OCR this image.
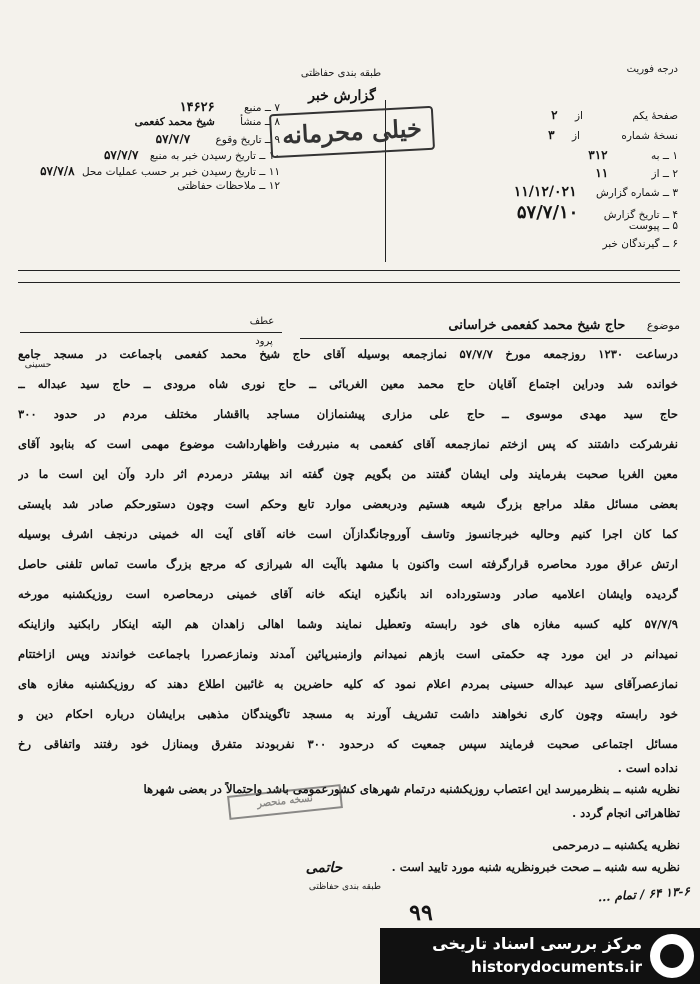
طبقه بندی حفاظتی
گزارش خبر
درجه فوریت
۷ ــ منبع ۱۴۶۲۶
۸ ــ منشأ شیخ محمد کفعمی
۹ ــ تاریخ وقوع ۵۷/۷/۷
۱۰ ــ تاریخ رسیدن خبر به منبع ۵۷/۷/۷
۱۱ ــ تاریخ رسیدن خبر بر حسب عملیات محل ۵۷/۷/۸
۱۲ ــ ملاحظات حفاظتی
صفحهٔ یکم از ۲
نسخهٔ شماره از ۳
۱ ــ به ۳۱۲
۲ ــ از ۱۱
۳ ــ شماره گزارش ۱۱/۱۲/۰۲۱
۴ ــ تاریخ گزارش ۵۷/۷/۱۰
۵ ــ پیوست
۶ ــ گیرندگان خبر
خیلی محرمانه
عطف
پرود
موضوع حاج شیخ محمد کفعمی خراسانی
حسینی
درساعت ۱۲۳۰ روزجمعه مورخ ۵۷/۷/۷ نمازجمعه بوسیله آقای حاج شیخ محمد کفعمی باجماعت در مسجد جامع
خوانده شد ودراین اجتماع آقایان حاج محمد معین الغربائی ــ حاج نوری شاه مرودی ــ حاج سید عبداله ــ
حاج سید مهدی موسوی ــ حاج علی مزاری پیشنمازان مساجد بااقشار مختلف مردم در حدود ۳۰۰
نفرشرکت داشتند که پس ازختم نمازجمعه آقای کفعمی به منبررفت واظهارداشت موضوع مهمی است که بنابود آقای
معین الغربا صحبت بفرمایند ولی ایشان گفتند من بگویم چون گفته اند بیشتر درمردم اثر دارد وآن این است ما در
بعضی مسائل مقلد مراجع بزرگ شیعه هستیم ودربعضی موارد تابع وحکم است وچون دستورحکم صادر شد بایستی
کما کان اجرا کنیم وحالیه خبرجانسوز وتاسف آوروجانگدازآن است خانه آقای آیت اله خمینی درنجف اشرف بوسیله
ارتش عراق مورد محاصره قرارگرفته است واکنون با مشهد باآیت اله شیرازی که مرجع بزرگ ماست تماس تلفنی حاصل
گردیده وایشان اعلامیه صادر ودستورداده اند بانگیزه اینکه خانه آقای خمینی درمحاصره است روزیکشنبه مورخه
۵۷/۷/۹ کلیه کسبه مغازه های خود رابسته وتعطیل نمایند وشما اهالی زاهدان هم البته اینکار رابکنید وازاینکه
نمیدانم در این مورد چه حکمتی است بازهم نمیدانم وازمنبرپائین آمدند ونمازعصررا باجماعت خواندند وپس ازاختتام
نمازعصرآقای سید عبداله حسینی بمردم اعلام نمود که کلیه حاضرین به غائبین اطلاع دهند که روزیکشنبه مغازه های
خود رابسته وچون کاری نخواهند داشت تشریف آورند به مسجد تاگویندگان مذهبی برایشان درباره احکام دین و
مسائل اجتماعی صحبت فرمایند سپس جمعیت که درحدود ۳۰۰ نفربودند متفرق وبمنازل خود رفتند واتفاقی رخ
نداده است .
نظریه شنبه ــ بنظرمیرسد این اعتصاب روزیکشنبه درتمام شهرهای کشورعمومی باشد واحتمالاً در بعضی شهرها
تظاهراتی انجام گردد .
نظریه یکشنبه ــ درمرحمی
نظریه سه شنبه ــ صحت خبرونظریه شنبه مورد تایید است .
نسخه منحصر
حاتمی
طبقه بندی حفاظتی
۹۹
۱۳-۶ ۶۴ / تمام ...
مرکز بررسی اسناد تاریخی
historydocuments.ir
